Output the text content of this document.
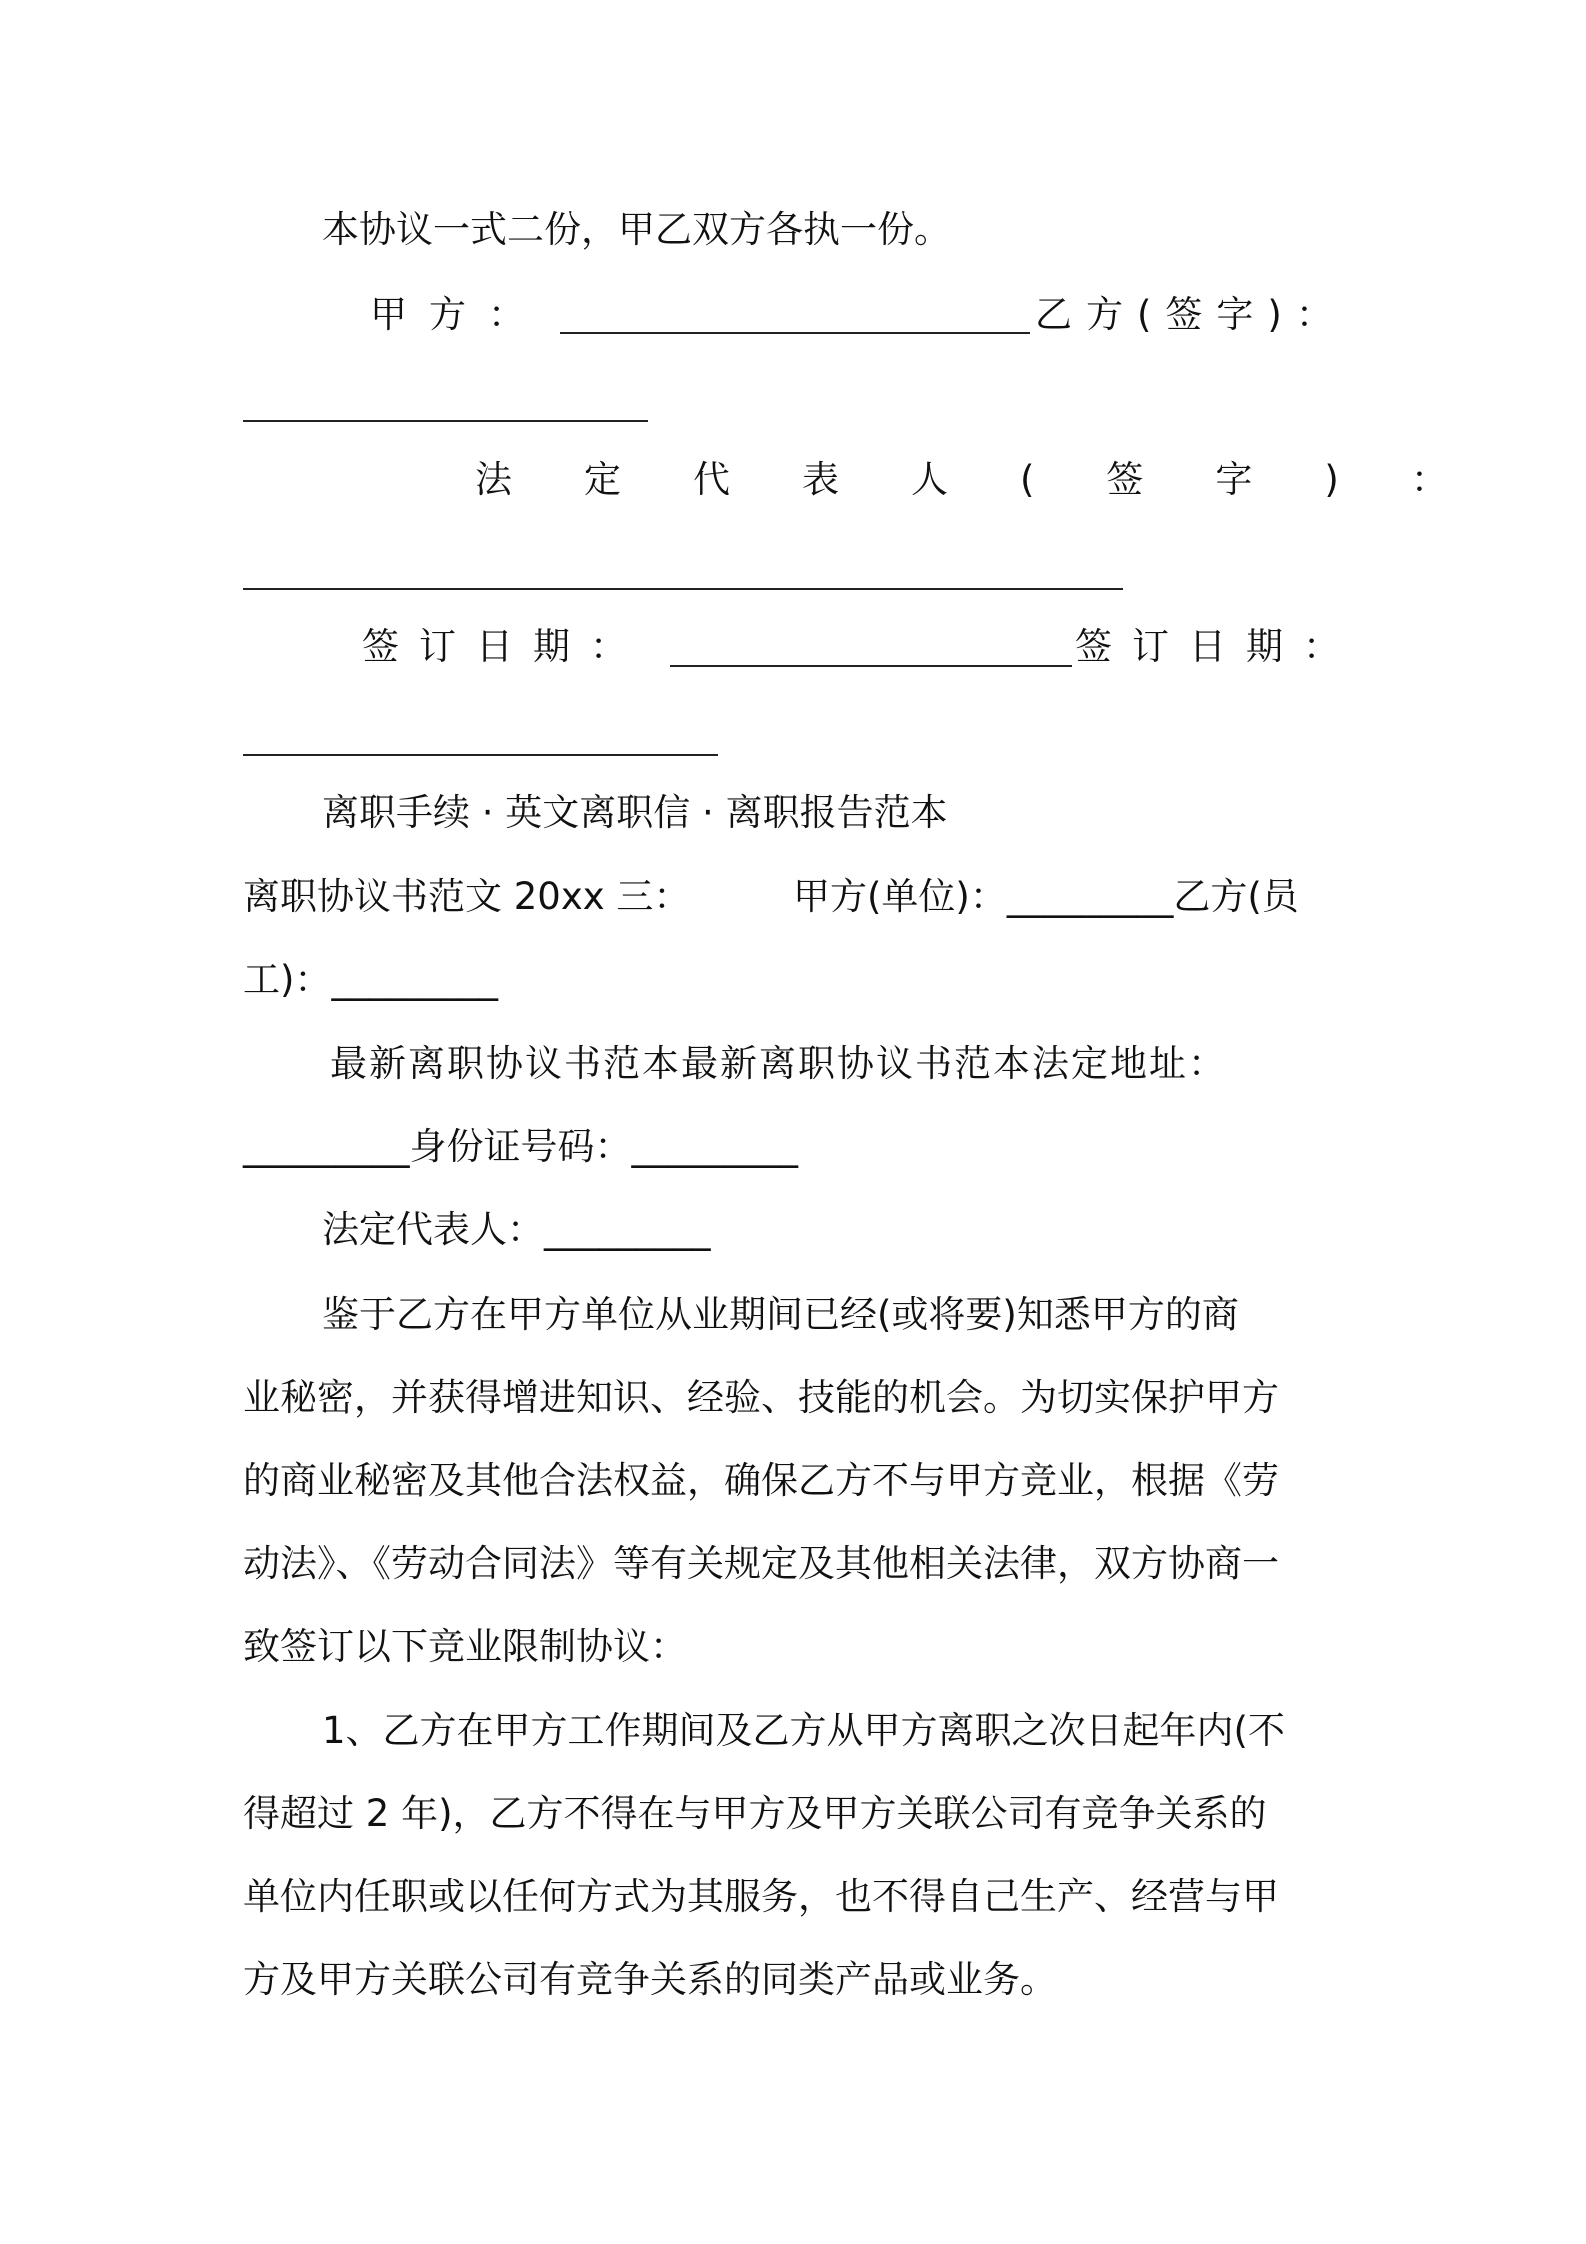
本协议一式二份，甲乙双方各执一份。
甲方：	乙方(签字)：
法定代表人(签字)：
签订日期：	签订日期：
离职手续 · 英文离职信 · 离职报告范本
离职协议书范文 20xx 三：	甲方(单位)：_________乙方(员
工)：_________
最新离职协议书范本最新离职协议书范本法定地址：
_________身份证号码：_________
法定代表人：_________
鉴于乙方在甲方单位从业期间已经(或将要)知悉甲方的商
业秘密，并获得增进知识、经验、技能的机会。为切实保护甲方
的商业秘密及其他合法权益，确保乙方不与甲方竞业，根据《劳
动法》、《劳动合同法》等有关规定及其他相关法律，双方协商一
致签订以下竞业限制协议：
1、乙方在甲方工作期间及乙方从甲方离职之次日起年内(不
得超过 2 年)，乙方不得在与甲方及甲方关联公司有竞争关系的
单位内任职或以任何方式为其服务，也不得自己生产、经营与甲
方及甲方关联公司有竞争关系的同类产品或业务。
